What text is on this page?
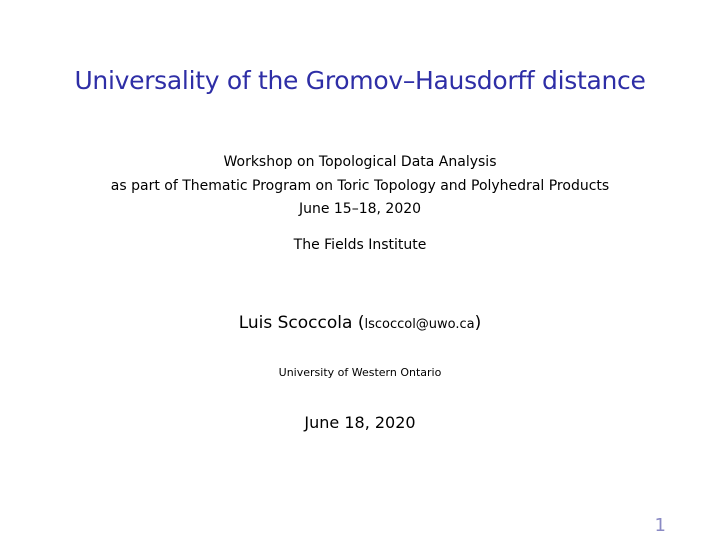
Universality of the Gromov–Hausdorff distance
Workshop on Topological Data Analysis
as part of Thematic Program on Toric Topology and Polyhedral Products
June 15–18, 2020
The Fields Institute
Luis Scoccola (lscoccol@uwo.ca)
University of Western Ontario
June 18, 2020
1
